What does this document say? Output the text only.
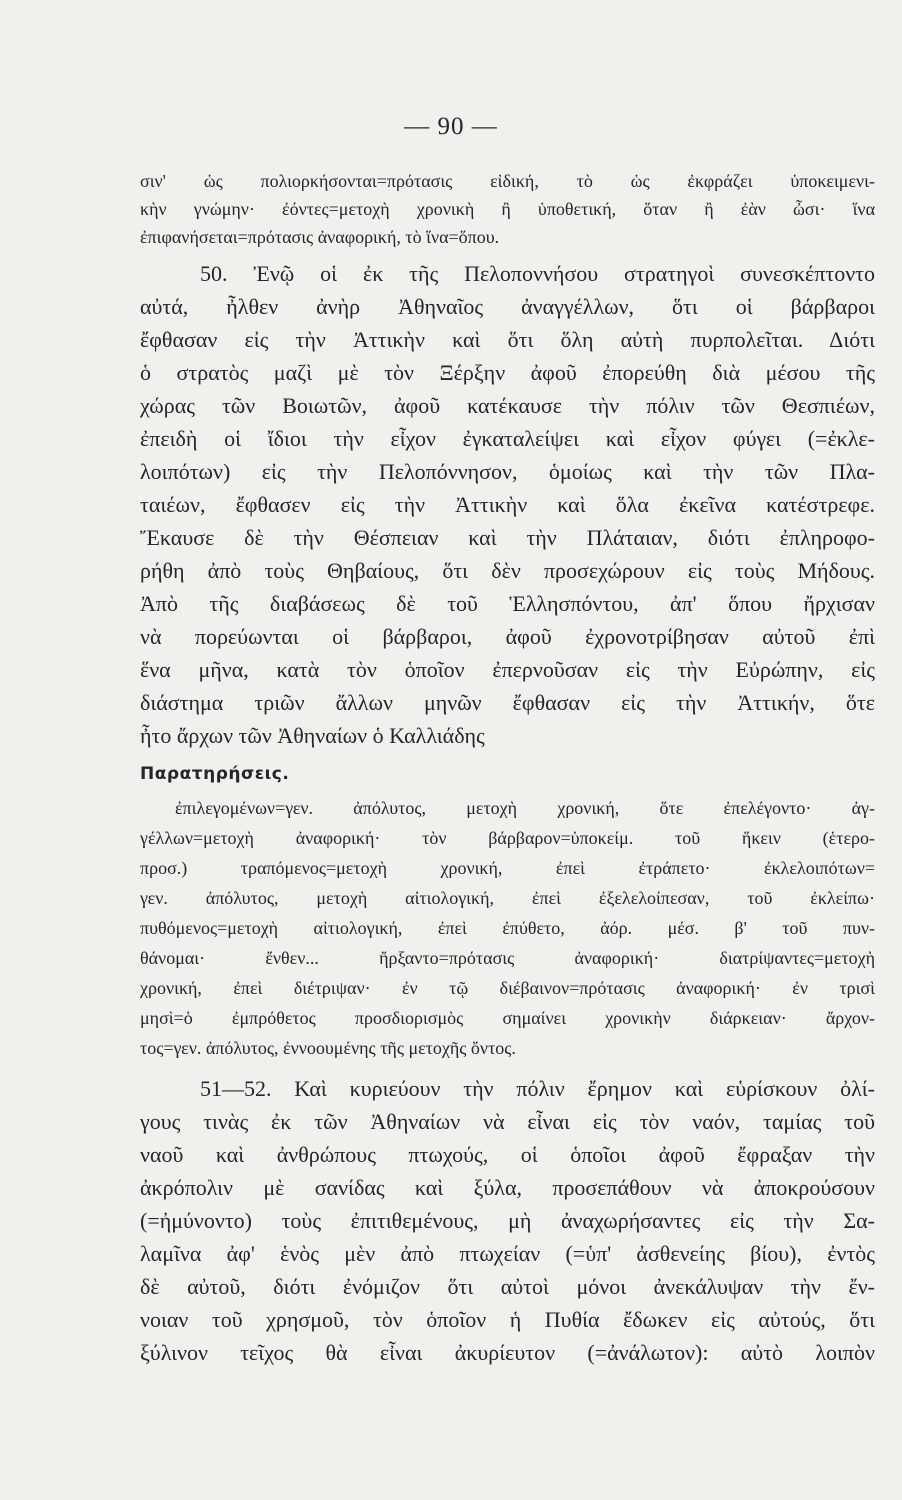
— 90 —
σιν' ὡς πολιορκήσονται=πρότασις εἰδική, τὸ ὡς ἐκφράζει ὑποκειμενι-
κὴν γνώμην· ἐόντες=μετοχὴ χρονικὴ ἢ ὑποθετική, ὅταν ἢ ἐὰν ὦσι· ἵνα
ἐπιφανήσεται=πρότασις ἀναφορική, τὸ ἵνα=ὅπου.
50. Ἐνῷ οἱ ἐκ τῆς Πελοποννήσου στρατηγοὶ συνεσκέπτοντο
αὐτά, ἦλθεν ἀνὴρ Ἀθηναῖος ἀναγγέλλων, ὅτι οἱ βάρβαροι
ἔφθασαν εἰς τὴν Ἀττικὴν καὶ ὅτι ὅλη αὐτὴ πυρπολεῖται. Διότι
ὁ στρατὸς μαζὶ μὲ τὸν Ξέρξην ἀφοῦ ἐπορεύθη διὰ μέσου τῆς
χώρας τῶν Βοιωτῶν, ἀφοῦ κατέκαυσε τὴν πόλιν τῶν Θεσπιέων,
ἐπειδὴ οἱ ἴδιοι τὴν εἶχον ἐγκαταλείψει καὶ εἶχον φύγει (=ἐκλε-
λοιπότων) εἰς τὴν Πελοπόννησον, ὁμοίως καὶ τὴν τῶν Πλα-
ταιέων, ἔφθασεν εἰς τὴν Ἀττικὴν καὶ ὅλα ἐκεῖνα κατέστρεφε.
Ἔκαυσε δὲ τὴν Θέσπειαν καὶ τὴν Πλάταιαν, διότι ἐπληροφο-
ρήθη ἀπὸ τοὺς Θηβαίους, ὅτι δὲν προσεχώρουν εἰς τοὺς Μήδους.
Ἀπὸ τῆς διαβάσεως δὲ τοῦ Ἑλλησπόντου, ἀπ' ὅπου ἤρχισαν
νὰ πορεύωνται οἱ βάρβαροι, ἀφοῦ ἐχρονοτρίβησαν αὐτοῦ ἐπὶ
ἕνα μῆνα, κατὰ τὸν ὁποῖον ἐπερνοῦσαν εἰς τὴν Εὐρώπην, εἰς
διάστημα τριῶν ἄλλων μηνῶν ἔφθασαν εἰς τὴν Ἀττικήν, ὅτε
ἦτο ἄρχων τῶν Ἀθηναίων ὁ Καλλιάδης
Παρατηρήσεις.
ἐπιλεγομένων=γεν. ἀπόλυτος, μετοχὴ χρονική, ὅτε ἐπελέγοντο· ἀγ-
γέλλων=μετοχὴ ἀναφορική· τὸν βάρβαρον=ὑποκείμ. τοῦ ἥκειν (ἑτερο-
προσ.) τραπόμενος=μετοχὴ χρονική, ἐπεὶ ἐτράπετο· ἐκλελοιπότων=
γεν. ἀπόλυτος, μετοχὴ αἰτιολογική, ἐπεὶ ἐξελελοίπεσαν, τοῦ ἐκλείπω·
πυθόμενος=μετοχὴ αἰτιολογική, ἐπεὶ ἐπύθετο, ἀόρ. μέσ. β' τοῦ πυν-
θάνομαι· ἔνθεν... ἤρξαντο=πρότασις ἀναφορική· διατρίψαντες=μετοχὴ
χρονική, ἐπεὶ διέτριψαν· ἐν τῷ διέβαινον=πρότασις ἀναφορική· ἐν τρισὶ
μησὶ=ὁ ἐμπρόθετος προσδιορισμὸς σημαίνει χρονικὴν διάρκειαν· ἄρχον-
τος=γεν. ἀπόλυτος, ἐννοουμένης τῆς μετοχῆς ὄντος.
51—52. Καὶ κυριεύουν τὴν πόλιν ἔρημον καὶ εὑρίσκουν ὀλί-
γους τινὰς ἐκ τῶν Ἀθηναίων νὰ εἶναι εἰς τὸν ναόν, ταμίας τοῦ
ναοῦ καὶ ἀνθρώπους πτωχούς, οἱ ὁποῖοι ἀφοῦ ἔφραξαν τὴν
ἀκρόπολιν μὲ σανίδας καὶ ξύλα, προσεπάθουν νὰ ἀποκρούσουν
(=ἠμύνοντο) τοὺς ἐπιτιθεμένους, μὴ ἀναχωρήσαντες εἰς τὴν Σα-
λαμῖνα ἀφ' ἑνὸς μὲν ἀπὸ πτωχείαν (=ὑπ' ἀσθενείης βίου), ἐντὸς
δὲ αὐτοῦ, διότι ἐνόμιζον ὅτι αὐτοὶ μόνοι ἀνεκάλυψαν τὴν ἔν-
νοιαν τοῦ χρησμοῦ, τὸν ὁποῖον ἡ Πυθία ἔδωκεν εἰς αὐτούς, ὅτι
ξύλινον τεῖχος θὰ εἶναι ἀκυρίευτον (=ἀνάλωτον): αὐτὸ λοιπὸν
